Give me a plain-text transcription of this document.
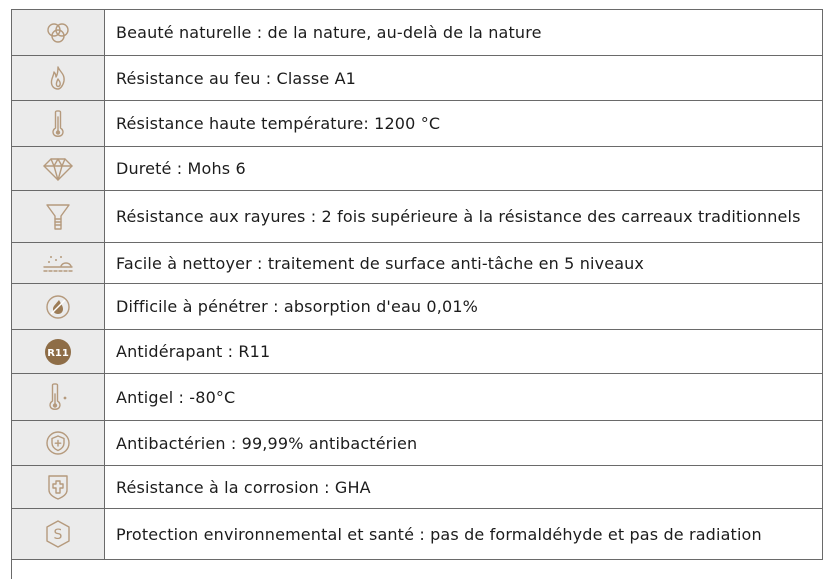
Beauté naturelle : de la nature, au-delà de la nature
Résistance au feu : Classe A1
Résistance haute température: 1200 °C
Dureté : Mohs 6
Résistance aux rayures : 2 fois supérieure à la résistance des carreaux traditionnels
Facile à nettoyer : traitement de surface anti-tâche en 5 niveaux
Difficile à pénétrer : absorption d'eau 0,01%
R11	Antidérapant : R11
Antigel : -80°C
Antibactérien : 99,99% antibactérien
Résistance à la corrosion : GHA
S	Protection environnemental et santé : pas de formaldéhyde et pas de radiation
